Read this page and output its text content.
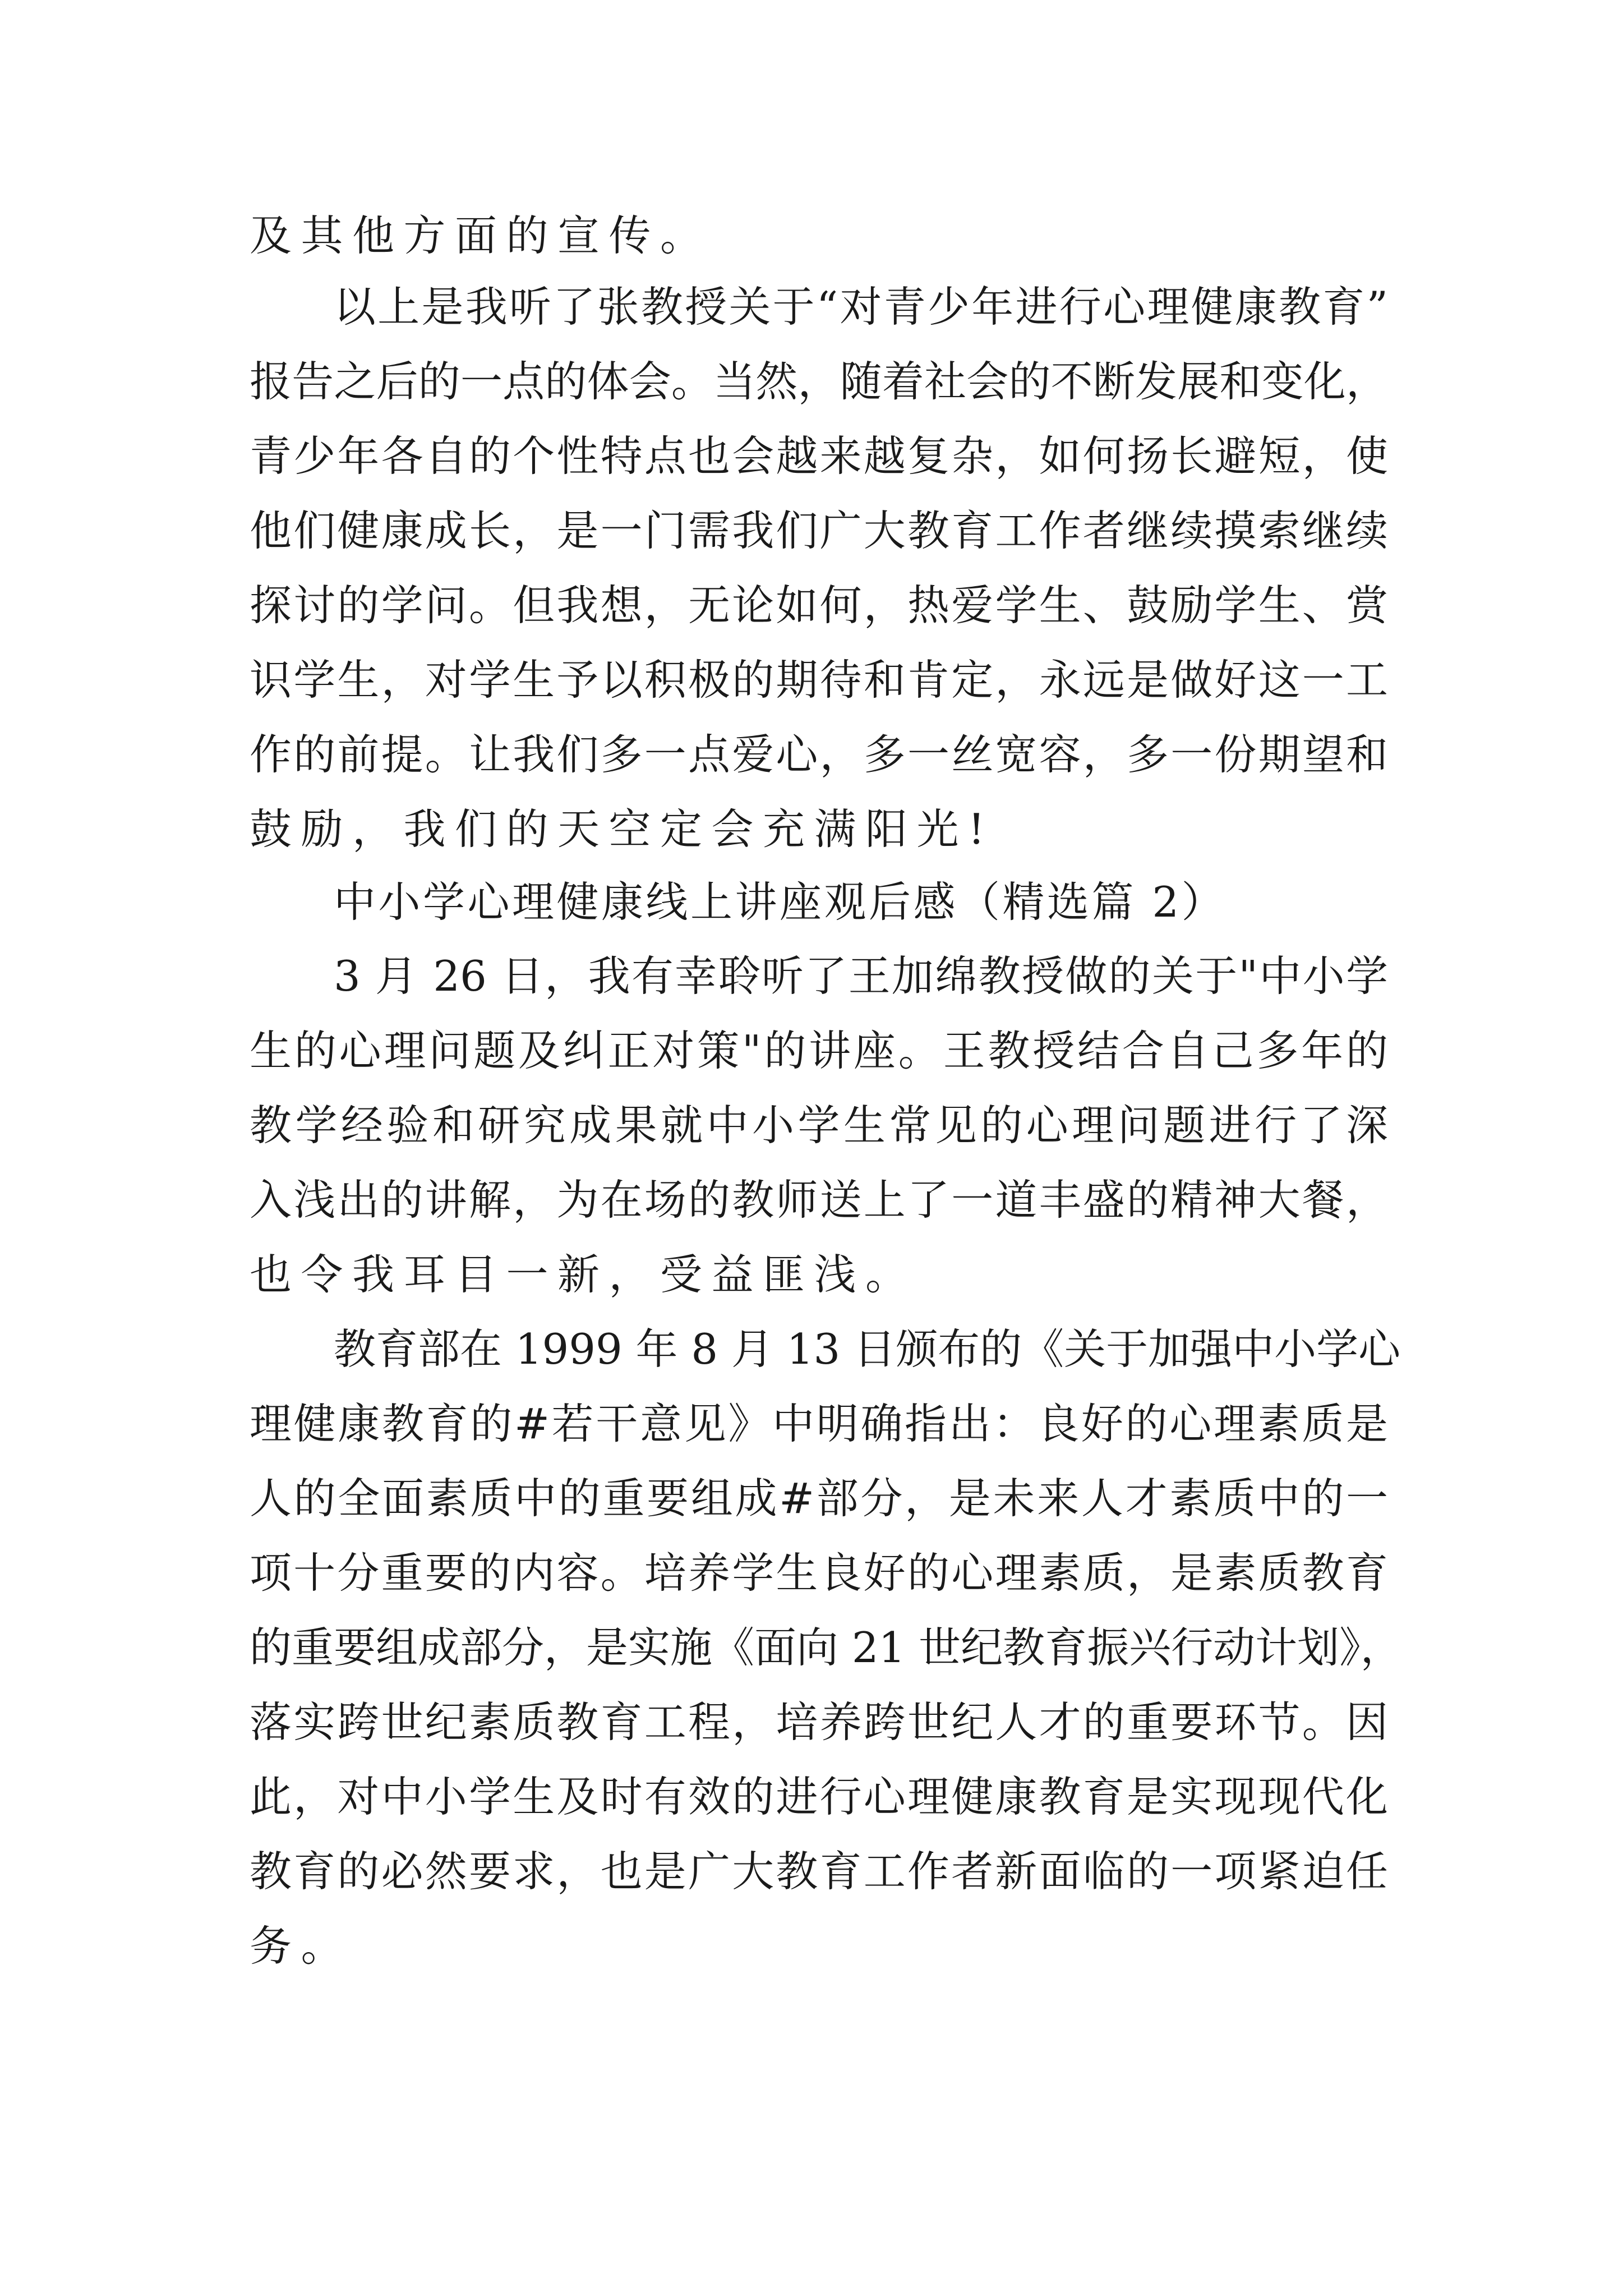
及其他方面的宣传。
以上是我听了张教授关于“对青少年进行心理健康教育”
报告之后的一点的体会。当然，随着社会的不断发展和变化，
青少年各自的个性特点也会越来越复杂，如何扬长避短，使
他们健康成长，是一门需我们广大教育工作者继续摸索继续
探讨的学问。但我想，无论如何，热爱学生、鼓励学生、赏
识学生，对学生予以积极的期待和肯定，永远是做好这一工
作的前提。让我们多一点爱心，多一丝宽容，多一份期望和
鼓励，我们的天空定会充满阳光!
中小学心理健康线上讲座观后感（精选篇 2）
3 月 26 日，我有幸聆听了王加绵教授做的关于"中小学
生的心理问题及纠正对策"的讲座。王教授结合自己多年的
教学经验和研究成果就中小学生常见的心理问题进行了深
入浅出的讲解，为在场的教师送上了一道丰盛的精神大餐，
也令我耳目一新，受益匪浅。
教育部在 1999 年 8 月 13 日颁布的《关于加强中小学心
理健康教育的#若干意见》中明确指出：良好的心理素质是
人的全面素质中的重要组成#部分，是未来人才素质中的一
项十分重要的内容。培养学生良好的心理素质，是素质教育
的重要组成部分，是实施《面向 21 世纪教育振兴行动计划》，
落实跨世纪素质教育工程，培养跨世纪人才的重要环节。因
此，对中小学生及时有效的进行心理健康教育是实现现代化
教育的必然要求，也是广大教育工作者新面临的一项紧迫任
务。
